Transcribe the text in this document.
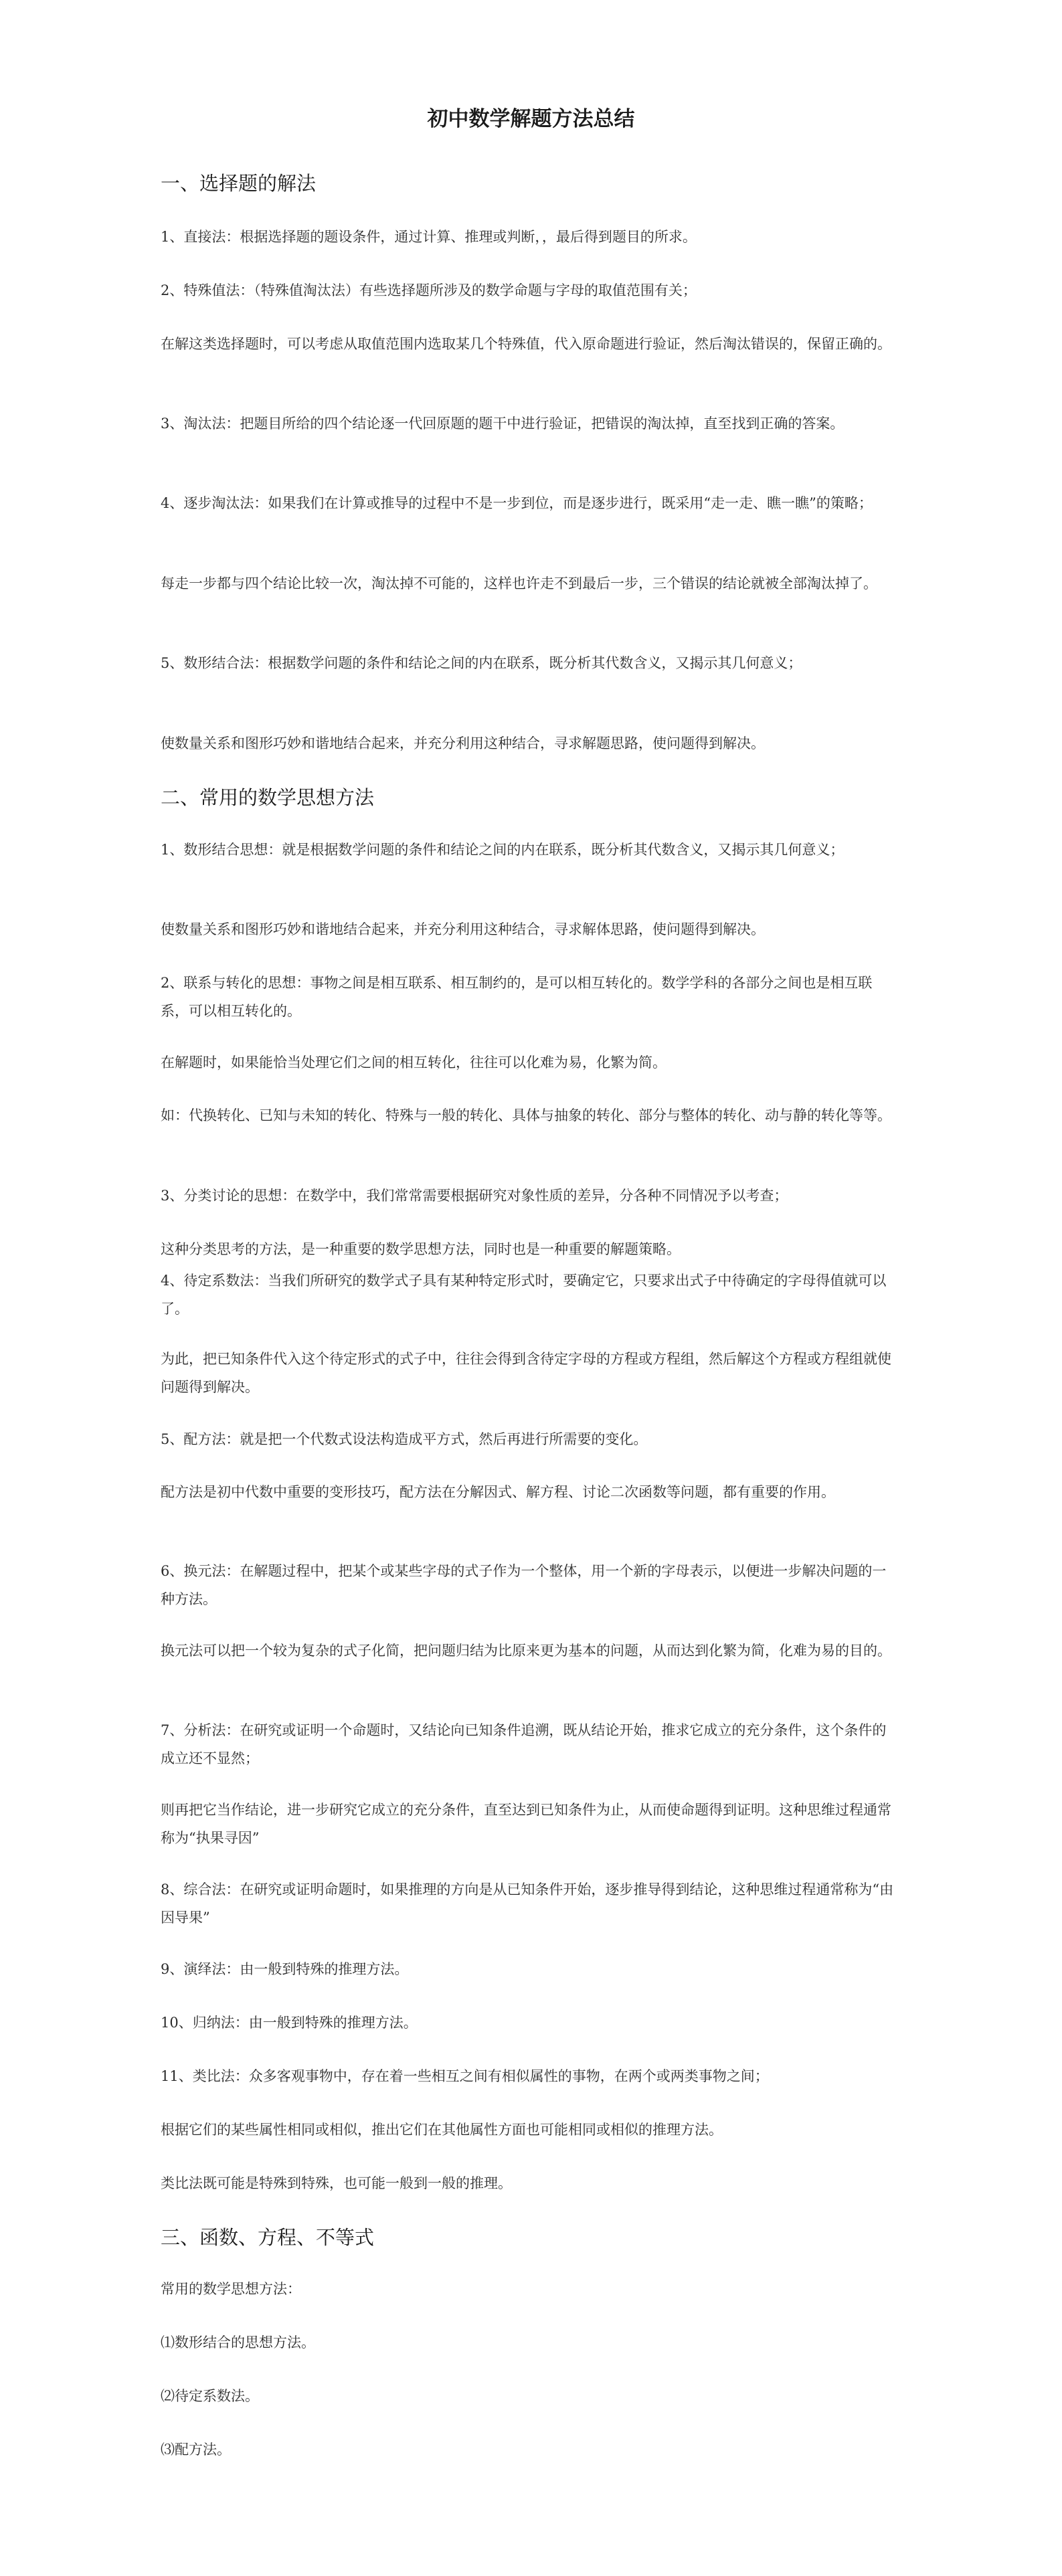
初中数学解题方法总结
一、选择题的解法

1、直接法：根据选择题的题设条件，通过计算、推理或判断，，最后得到题目的所求。

2、特殊值法：（特殊值淘汰法）有些选择题所涉及的数学命题与字母的取值范围有关；

在解这类选择题时，可以考虑从取值范围内选取某几个特殊值，代入原命题进行验证，然后淘汰错误的，保留正确的。

3、淘汰法：把题目所给的四个结论逐一代回原题的题干中进行验证，把错误的淘汰掉，直至找到正确的答案。

4、逐步淘汰法：如果我们在计算或推导的过程中不是一步到位，而是逐步进行，既采用“走一走、瞧一瞧”的策略；

每走一步都与四个结论比较一次，淘汰掉不可能的，这样也许走不到最后一步，三个错误的结论就被全部淘汰掉了。

5、数形结合法：根据数学问题的条件和结论之间的内在联系，既分析其代数含义，又揭示其几何意义；

使数量关系和图形巧妙和谐地结合起来，并充分利用这种结合，寻求解题思路，使问题得到解决。

二、常用的数学思想方法

1、数形结合思想：就是根据数学问题的条件和结论之间的内在联系，既分析其代数含义，又揭示其几何意义；

使数量关系和图形巧妙和谐地结合起来，并充分利用这种结合，寻求解体思路，使问题得到解决。

2、联系与转化的思想：事物之间是相互联系、相互制约的，是可以相互转化的。数学学科的各部分之间也是相互联系，可以相互转化的。

在解题时，如果能恰当处理它们之间的相互转化，往往可以化难为易，化繁为简。

如：代换转化、已知与未知的转化、特殊与一般的转化、具体与抽象的转化、部分与整体的转化、动与静的转化等等。

3、分类讨论的思想：在数学中，我们常常需要根据研究对象性质的差异，分各种不同情况予以考查；

这种分类思考的方法，是一种重要的数学思想方法，同时也是一种重要的解题策略。

4、待定系数法：当我们所研究的数学式子具有某种特定形式时，要确定它，只要求出式子中待确定的字母得值就可以了。

为此，把已知条件代入这个待定形式的式子中，往往会得到含待定字母的方程或方程组，然后解这个方程或方程组就使问题得到解决。

5、配方法：就是把一个代数式设法构造成平方式，然后再进行所需要的变化。

配方法是初中代数中重要的变形技巧，配方法在分解因式、解方程、讨论二次函数等问题，都有重要的作用。

6、换元法：在解题过程中，把某个或某些字母的式子作为一个整体，用一个新的字母表示，以便进一步解决问题的一种方法。

换元法可以把一个较为复杂的式子化简，把问题归结为比原来更为基本的问题，从而达到化繁为简，化难为易的目的。

7、分析法：在研究或证明一个命题时，又结论向已知条件追溯，既从结论开始，推求它成立的充分条件，这个条件的成立还不显然；

则再把它当作结论，进一步研究它成立的充分条件，直至达到已知条件为止，从而使命题得到证明。这种思维过程通常称为“执果寻因”

8、综合法：在研究或证明命题时，如果推理的方向是从已知条件开始，逐步推导得到结论，这种思维过程通常称为“由因导果”

9、演绎法：由一般到特殊的推理方法。

10、归纳法：由一般到特殊的推理方法。

11、类比法：众多客观事物中，存在着一些相互之间有相似属性的事物，在两个或两类事物之间；

根据它们的某些属性相同或相似，推出它们在其他属性方面也可能相同或相似的推理方法。

类比法既可能是特殊到特殊，也可能一般到一般的推理。

三、函数、方程、不等式

常用的数学思想方法：

⑴数形结合的思想方法。

⑵待定系数法。

⑶配方法。
